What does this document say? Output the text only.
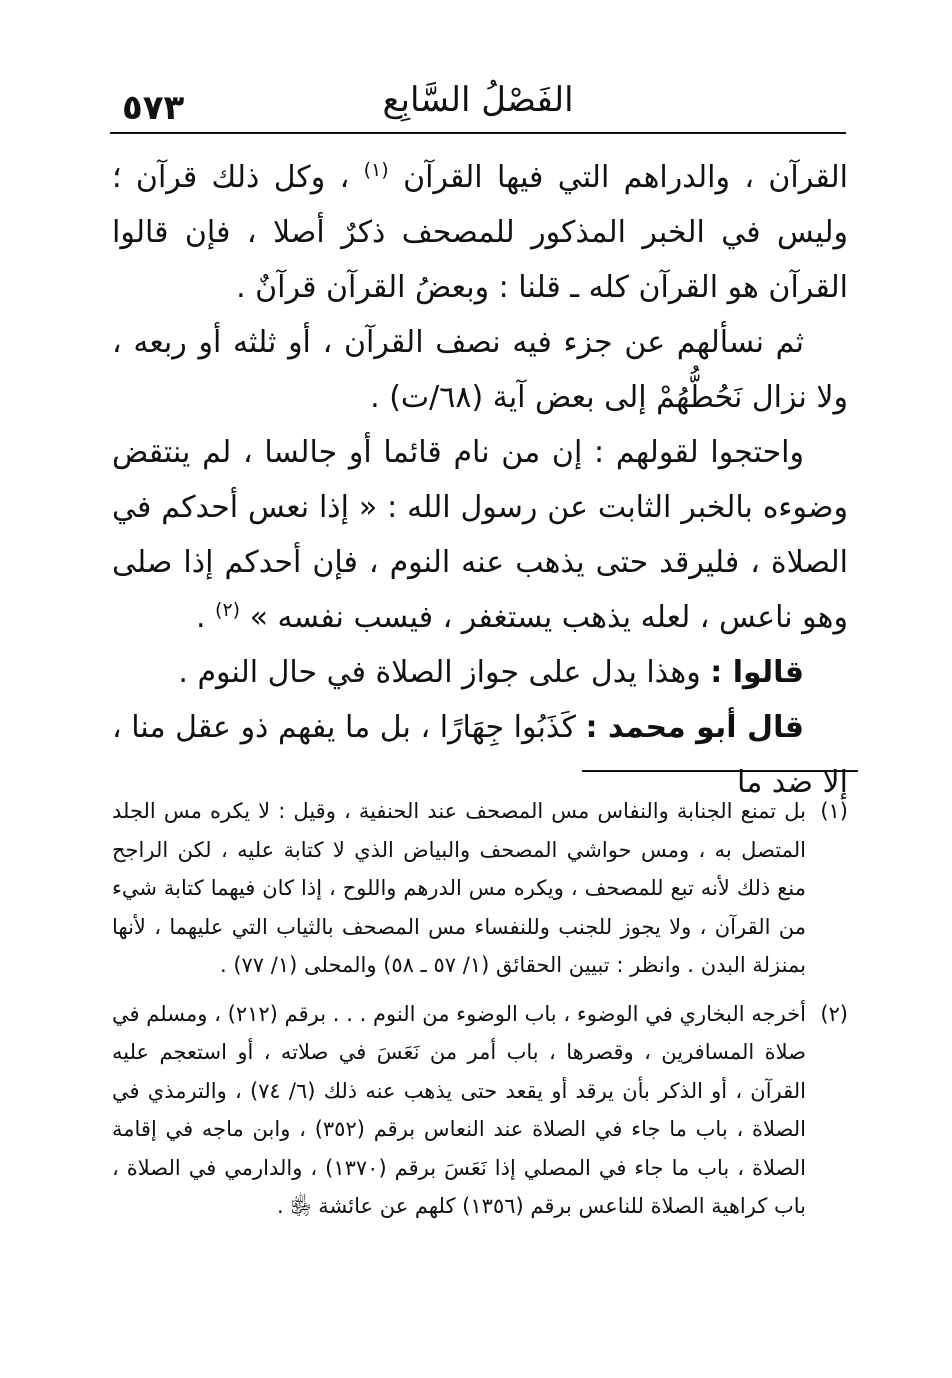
٥٧٣	الفَصْلُ السَّابِع

القرآن ، والدراهم التي فيها القرآن $^{(١)}$ ، وكل ذلك قرآن ؛ وليس في الخبر المذكور للمصحف ذكرٌ أصلا ، فإن قالوا القرآن هو القرآن كله ـ قلنا : وبعضُ القرآن قرآنٌ .

ثم نسألهم عن جزء فيه نصف القرآن ، أو ثلثه أو ربعه ، ولا نزال نَحُطُّهُمْ إلى بعض آية (٦٨/ت) .

واحتجوا لقولهم : إن من نام قائما أو جالسا ، لم ينتقض وضوءه بالخبر الثابت عن رسول الله : « إذا نعس أحدكم في الصلاة ، فليرقد حتى يذهب عنه النوم ، فإن أحدكم إذا صلى وهو ناعس ، لعله يذهب يستغفر ، فيسب نفسه » $^{(٢)}$ .

قالوا : وهذا يدل على جواز الصلاة في حال النوم .

قال أبو محمد : كَذَبُوا جِهَارًا ، بل ما يفهم ذو عقل منا ، إلا ضد ما

(١)
بل تمنع الجنابة والنفاس مس المصحف عند الحنفية ، وقيل : لا يكره مس الجلد المتصل به ، ومس حواشي المصحف والبياض الذي لا كتابة عليه ، لكن الراجح منع ذلك لأنه تبع للمصحف ، ويكره مس الدرهم واللوح ، إذا كان فيهما كتابة شيء من القرآن ، ولا يجوز للجنب وللنفساء مس المصحف بالثياب التي عليهما ، لأنها بمنزلة البدن . وانظر : تبيين الحقائق (١/ ٥٧ ـ ٥٨) والمحلى (١/ ٧٧) .
(٢)
أخرجه البخاري في الوضوء ، باب الوضوء من النوم . . . برقم (٢١٢) ، ومسلم في صلاة المسافرين ، وقصرها ، باب أمر من نَعَسَ في صلاته ، أو استعجم عليه القرآن ، أو الذكر بأن يرقد أو يقعد حتى يذهب عنه ذلك (٦/ ٧٤) ، والترمذي في الصلاة ، باب ما جاء في الصلاة عند النعاس برقم (٣٥٢) ، وابن ماجه في إقامة الصلاة ، باب ما جاء في المصلي إذا نَعَسَ برقم (١٣٧٠) ، والدارمي في الصلاة ، باب كراهية الصلاة للناعس برقم (١٣٥٦) كلهم عن عائشة ﵂ .
